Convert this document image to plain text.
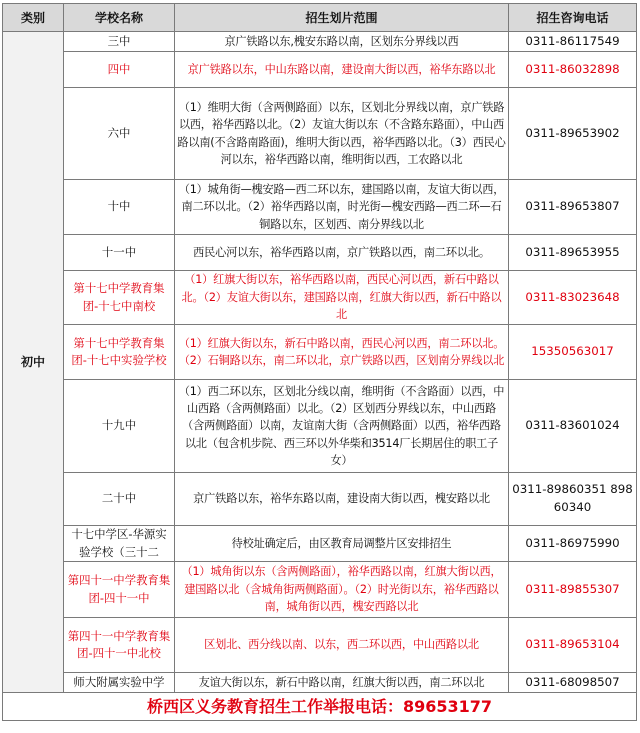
类别	学校名称	招生划片范围	招生咨询电话
初中	三中	京广铁路以东,槐安东路以南，区划东分界线以西	0311-86117549
	四中	京广铁路以东，中山东路以南，建设南大街以西，裕华东路以北	0311-86032898
	六中	（1）维明大街（含两侧路面）以东，区划北分界线以南，京广铁路以西，裕华西路以北。（2）友谊大街以东（不含路东路面），中山西路以南(不含路南路面)，维明大街以西，裕华西路以北。（3）西民心河以东，裕华西路以南，维明街以西，工农路以北	0311-89653902
	十中	（1）城角街—槐安路—西二环以东，建国路以南，友谊大街以西，南二环以北。（2）裕华西路以南，时光街—槐安西路—西二环—石铜路以东，区划西、南分界线以北	0311-89653807
	十一中	西民心河以东，裕华西路以南，京广铁路以西，南二环以北。	0311-89653955
	第十七中学教育集团-十七中南校	（1）红旗大街以东，裕华西路以南，西民心河以西，新石中路以北。（2）友谊大街以东，建国路以南，红旗大街以西，新石中路以北	0311-83023648
	第十七中学教育集团-十七中实验学校	（1）红旗大街以东，新石中路以南，西民心河以西，南二环以北。（2）石铜路以东，南二环以北，京广铁路以西，区划南分界线以北	15350563017
	十九中	（1）西二环以东，区划北分线以南，维明街（不含路面）以西，中山西路（含两侧路面）以北。（2）区划西分界线以东，中山西路（含两侧路面）以南，友谊南大街（含两侧路面）以西，裕华西路以北（包含机步院、西三环以外华柴和3514厂长期居住的职工子女）	0311-83601024
	二十中	京广铁路以东，裕华东路以南，建设南大街以西，槐安路以北	0311-89860351 89860340
	十七中学区-华源实验学校（三十二	待校址确定后，由区教育局调整片区安排招生	0311-86975990
	第四十一中学教育集团-四十一中	（1）城角街以东（含两侧路面），裕华西路以南，红旗大街以西，建国路以北（含城角街两侧路面）。（2）时光街以东，裕华西路以南，城角街以西，槐安西路以北	0311-89855307
	第四十一中学教育集团-四十一中北校	区划北、西分线以南、以东，西二环以西，中山西路以北	0311-89653104
	师大附属实验中学	友谊大街以东，新石中路以南，红旗大街以西，南二环以北	0311-68098507
桥西区义务教育招生工作举报电话：89653177			
